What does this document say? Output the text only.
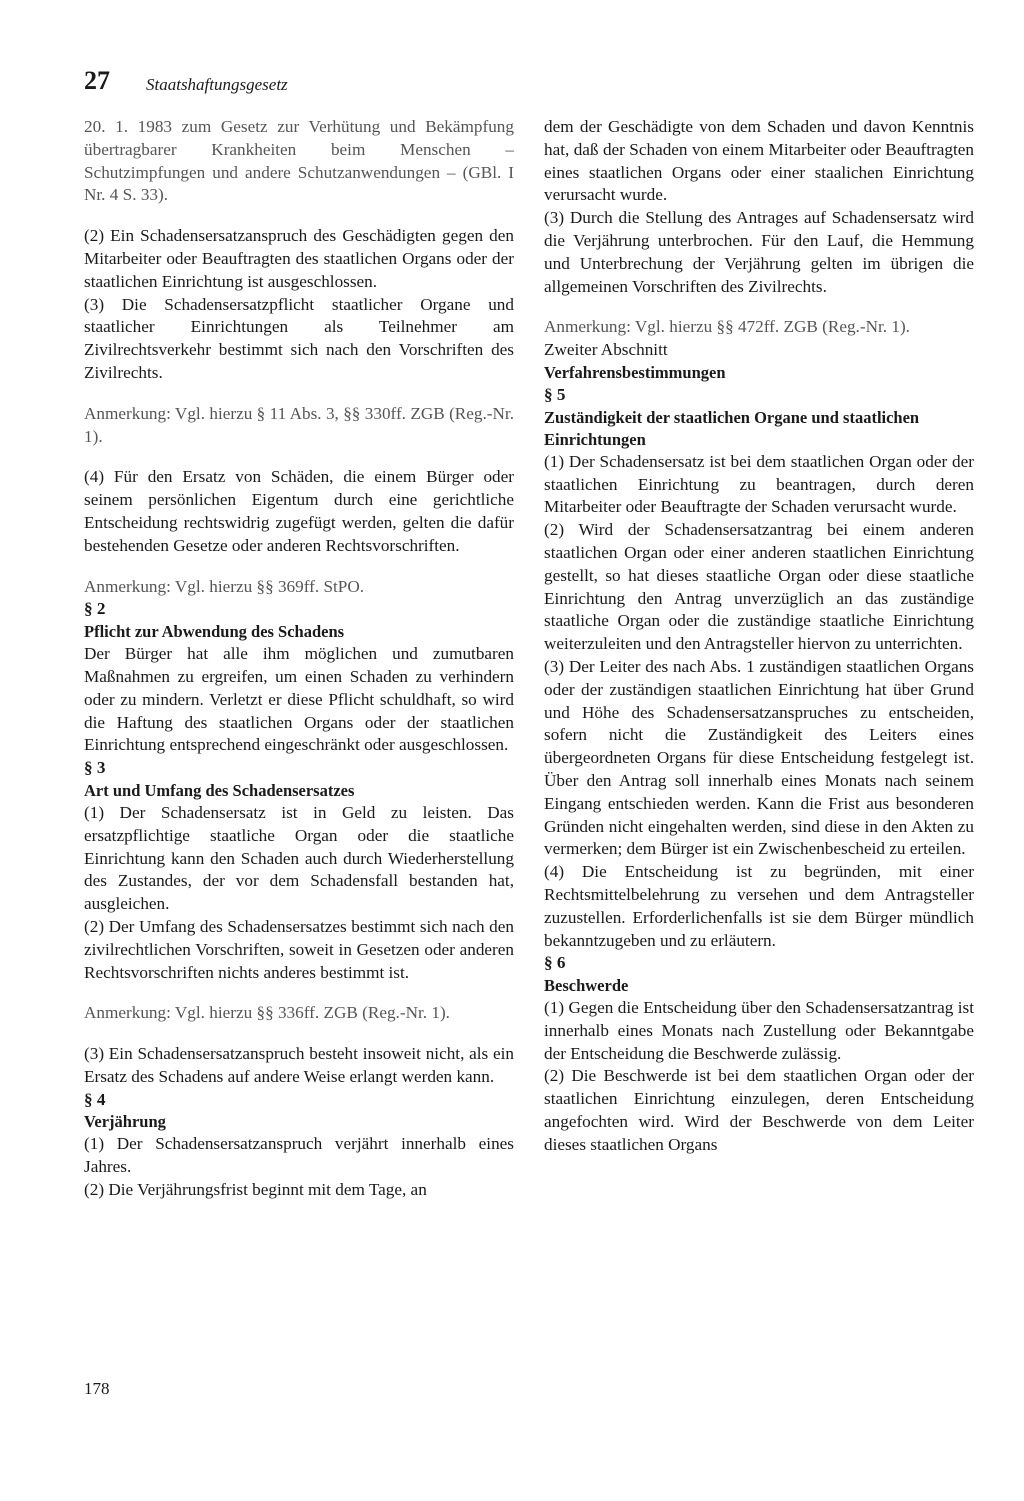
27 Staatshaftungsgesetz

20. 1. 1983 zum Gesetz zur Verhütung und Bekämpfung übertragbarer Krankheiten beim Menschen – Schutzimpfungen und andere Schutzanwendungen – (GBl. I Nr. 4 S. 33).

(2) Ein Schadensersatzanspruch des Geschädigten gegen den Mitarbeiter oder Beauftragten des staatlichen Organs oder der staatlichen Einrichtung ist ausgeschlossen.

(3) Die Schadensersatzpflicht staatlicher Organe und staatlicher Einrichtungen als Teilnehmer am Zivilrechtsverkehr bestimmt sich nach den Vorschriften des Zivilrechts.

Anmerkung: Vgl. hierzu § 11 Abs. 3, §§ 330ff. ZGB (Reg.-Nr. 1).

(4) Für den Ersatz von Schäden, die einem Bürger oder seinem persönlichen Eigentum durch eine gerichtliche Entscheidung rechtswidrig zugefügt werden, gelten die dafür bestehenden Gesetze oder anderen Rechtsvorschriften.

Anmerkung: Vgl. hierzu §§ 369ff. StPO.

§ 2
Pflicht zur Abwendung des Schadens

Der Bürger hat alle ihm möglichen und zumutbaren Maßnahmen zu ergreifen, um einen Schaden zu verhindern oder zu mindern. Verletzt er diese Pflicht schuldhaft, so wird die Haftung des staatlichen Organs oder der staatlichen Einrichtung entsprechend eingeschränkt oder ausgeschlossen.

§ 3
Art und Umfang des Schadensersatzes

(1) Der Schadensersatz ist in Geld zu leisten. Das ersatzpflichtige staatliche Organ oder die staatliche Einrichtung kann den Schaden auch durch Wiederherstellung des Zustandes, der vor dem Schadensfall bestanden hat, ausgleichen.

(2) Der Umfang des Schadensersatzes bestimmt sich nach den zivilrechtlichen Vorschriften, soweit in Gesetzen oder anderen Rechtsvorschriften nichts anderes bestimmt ist.

Anmerkung: Vgl. hierzu §§ 336ff. ZGB (Reg.-Nr. 1).

(3) Ein Schadensersatzanspruch besteht insoweit nicht, als ein Ersatz des Schadens auf andere Weise erlangt werden kann.

§ 4
Verjährung

(1) Der Schadensersatzanspruch verjährt innerhalb eines Jahres.

(2) Die Verjährungsfrist beginnt mit dem Tage, an

dem der Geschädigte von dem Schaden und davon Kenntnis hat, daß der Schaden von einem Mitarbeiter oder Beauftragten eines staatlichen Organs oder einer staalichen Einrichtung verursacht wurde.

(3) Durch die Stellung des Antrages auf Schadensersatz wird die Verjährung unterbrochen. Für den Lauf, die Hemmung und Unterbrechung der Verjährung gelten im übrigen die allgemeinen Vorschriften des Zivilrechts.

Anmerkung: Vgl. hierzu §§ 472ff. ZGB (Reg.-Nr. 1).

Zweiter Abschnitt
Verfahrensbestimmungen
§ 5
Zuständigkeit der staatlichen Organe und staatlichen Einrichtungen

(1) Der Schadensersatz ist bei dem staatlichen Organ oder der staatlichen Einrichtung zu beantragen, durch deren Mitarbeiter oder Beauftragte der Schaden verursacht wurde.

(2) Wird der Schadensersatzantrag bei einem anderen staatlichen Organ oder einer anderen staatlichen Einrichtung gestellt, so hat dieses staatliche Organ oder diese staatliche Einrichtung den Antrag unverzüglich an das zuständige staatliche Organ oder die zuständige staatliche Einrichtung weiterzuleiten und den Antragsteller hiervon zu unterrichten.

(3) Der Leiter des nach Abs. 1 zuständigen staatlichen Organs oder der zuständigen staatlichen Einrichtung hat über Grund und Höhe des Schadensersatzanspruches zu entscheiden, sofern nicht die Zuständigkeit des Leiters eines übergeordneten Organs für diese Entscheidung festgelegt ist. Über den Antrag soll innerhalb eines Monats nach seinem Eingang entschieden werden. Kann die Frist aus besonderen Gründen nicht eingehalten werden, sind diese in den Akten zu vermerken; dem Bürger ist ein Zwischenbescheid zu erteilen.

(4) Die Entscheidung ist zu begründen, mit einer Rechtsmittelbelehrung zu versehen und dem Antragsteller zuzustellen. Erforderlichenfalls ist sie dem Bürger mündlich bekanntzugeben und zu erläutern.

§ 6
Beschwerde

(1) Gegen die Entscheidung über den Schadensersatzantrag ist innerhalb eines Monats nach Zustellung oder Bekanntgabe der Entscheidung die Beschwerde zulässig.

(2) Die Beschwerde ist bei dem staatlichen Organ oder der staatlichen Einrichtung einzulegen, deren Entscheidung angefochten wird. Wird der Beschwerde von dem Leiter dieses staatlichen Organs

178
